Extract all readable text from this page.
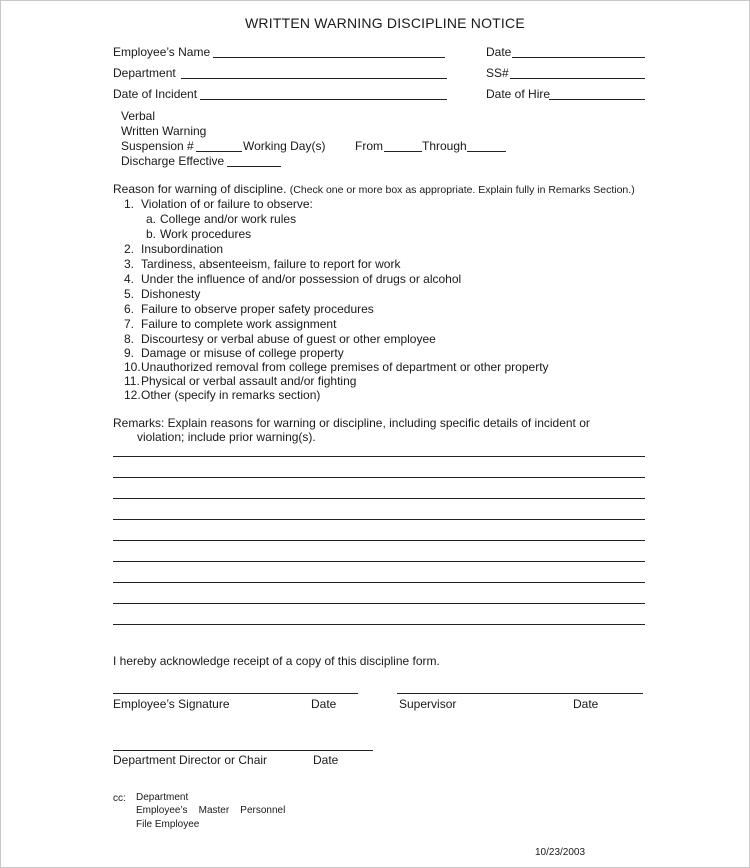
WRITTEN WARNING DISCIPLINE NOTICE
Employee’s Name	Date
Department	SS#
Date of Incident	Date of Hire
Verbal
Written Warning
Suspension #	Working Day(s) From	Through
Discharge Effective
Reason for warning of discipline. (Check one or more box as appropriate. Explain fully in Remarks Section.)
1. Violation of or failure to observe:
a. College and/or work rules
b. Work procedures
2. Insubordination
3. Tardiness, absenteeism, failure to report for work
4. Under the influence of and/or possession of drugs or alcohol
5. Dishonesty
6. Failure to observe proper safety procedures
7. Failure to complete work assignment
8. Discourtesy or verbal abuse of guest or other employee
9. Damage or misuse of college property
10. Unauthorized removal from college premises of department or other property
11. Physical or verbal assault and/or fighting
12. Other (specify in remarks section)
Remarks: Explain reasons for warning or discipline, including specific details of incident or
violation; include prior warning(s).
I hereby acknowledge receipt of a copy of this discipline form.
Employee’s Signature	Date	Supervisor	Date
Department Director or Chair	Date
cc: Department
Employee’s    Master    Personnel
File Employee
10/23/2003
